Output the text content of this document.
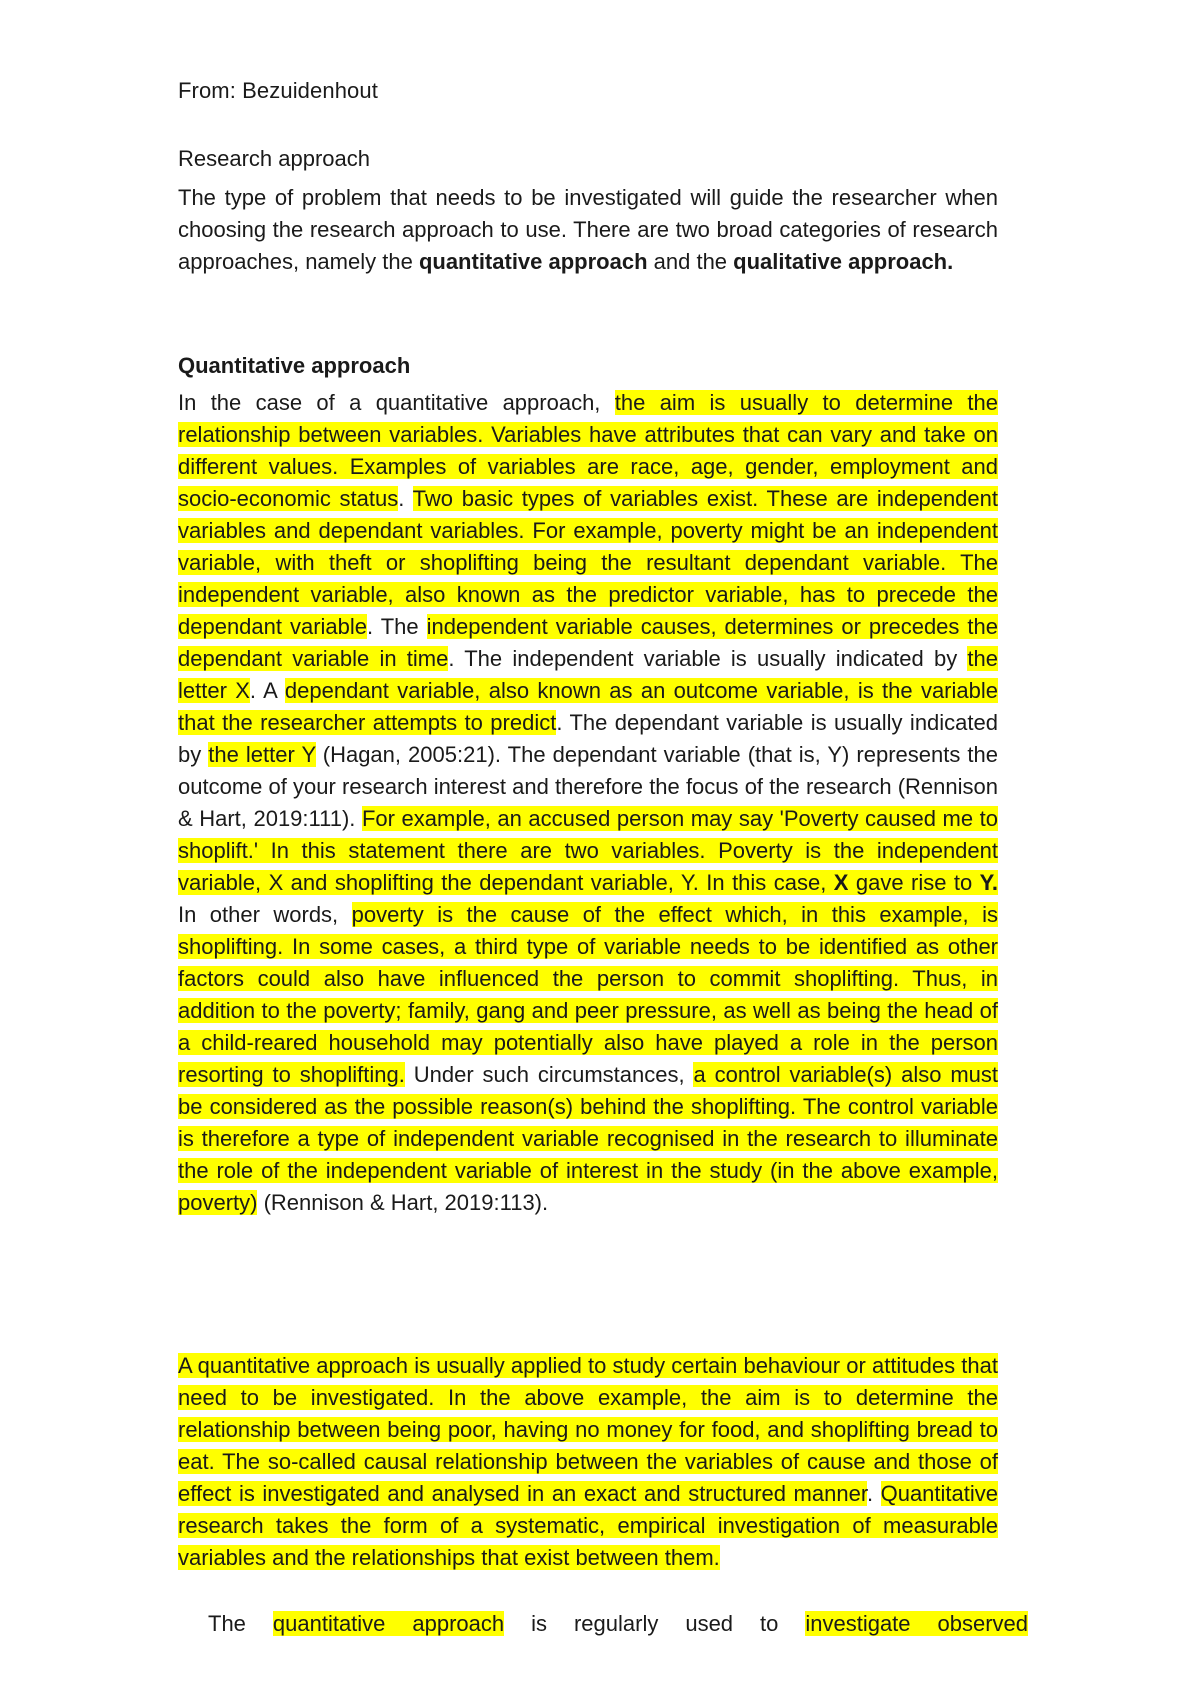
From: Bezuidenhout
Research approach

The type of problem that needs to be investigated will guide the researcher when choosing the research approach to use. There are two broad categories of research approaches, namely the quantitative approach and the qualitative approach.

Quantitative approach

In the case of a quantitative approach, the aim is usually to determine the relationship between variables. Variables have attributes that can vary and take on different values. Examples of variables are race, age, gender, employment and socio-economic status. Two basic types of variables exist. These are independent variables and dependant variables. For example, poverty might be an independent variable, with theft or shoplifting being the resultant dependant variable. The independent variable, also known as the predictor variable, has to precede the dependant variable. The independent variable causes, determines or precedes the dependant variable in time. The independent variable is usually indicated by the letter X. A dependant variable, also known as an outcome variable, is the variable that the researcher attempts to predict. The dependant variable is usually indicated by the letter Y (Hagan, 2005:21). The dependant variable (that is, Y) represents the outcome of your research interest and therefore the focus of the research (Rennison & Hart, 2019:111). For example, an accused person may say 'Poverty caused me to shoplift.' In this statement there are two variables. Poverty is the independent variable, X and shoplifting the dependant variable, Y. In this case, X gave rise to Y. In other words, poverty is the cause of the effect which, in this example, is shoplifting. In some cases, a third type of variable needs to be identified as other factors could also have influenced the person to commit shoplifting. Thus, in addition to the poverty; family, gang and peer pressure, as well as being the head of a child-reared household may potentially also have played a role in the person resorting to shoplifting. Under such circumstances, a control variable(s) also must be considered as the possible reason(s) behind the shoplifting. The control variable is therefore a type of independent variable recognised in the research to illuminate the role of the independent variable of interest in the study (in the above example, poverty) (Rennison & Hart, 2019:113).

A quantitative approach is usually applied to study certain behaviour or attitudes that need to be investigated. In the above example, the aim is to determine the relationship between being poor, having no money for food, and shoplifting bread to eat. The so-called causal relationship between the variables of cause and those of effect is investigated and analysed in an exact and structured manner. Quantitative research takes the form of a systematic, empirical investigation of measurable variables and the relationships that exist between them.

The quantitative approach is regularly used to investigate observed
